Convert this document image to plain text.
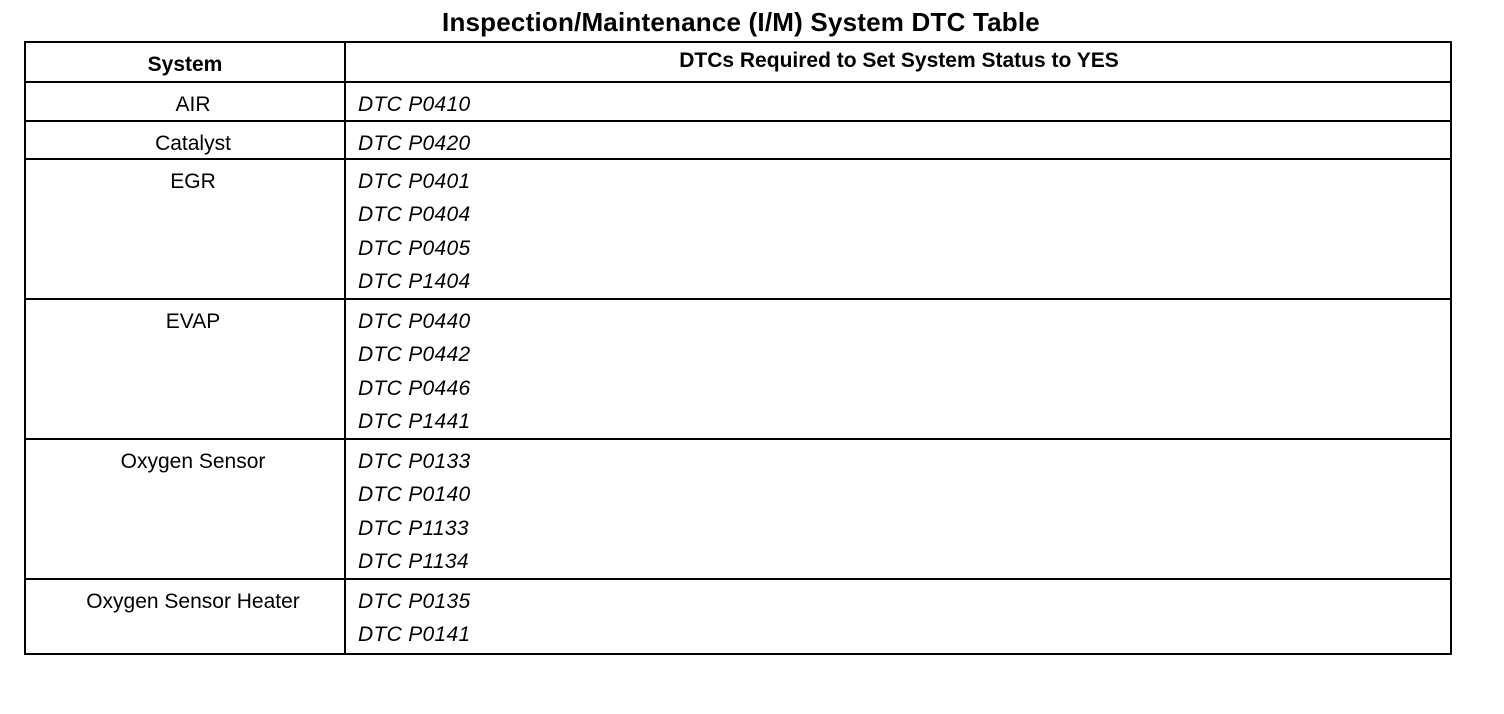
Inspection/Maintenance (I/M) System DTC Table
System	DTCs Required to Set System Status to YES
AIR	DTC P0410
Catalyst	DTC P0420
EGR	DTC P0401
DTC P0404
DTC P0405
DTC P1404
EVAP	DTC P0440
DTC P0442
DTC P0446
DTC P1441
Oxygen Sensor	DTC P0133
DTC P0140
DTC P1133
DTC P1134
Oxygen Sensor Heater	DTC P0135
DTC P0141
